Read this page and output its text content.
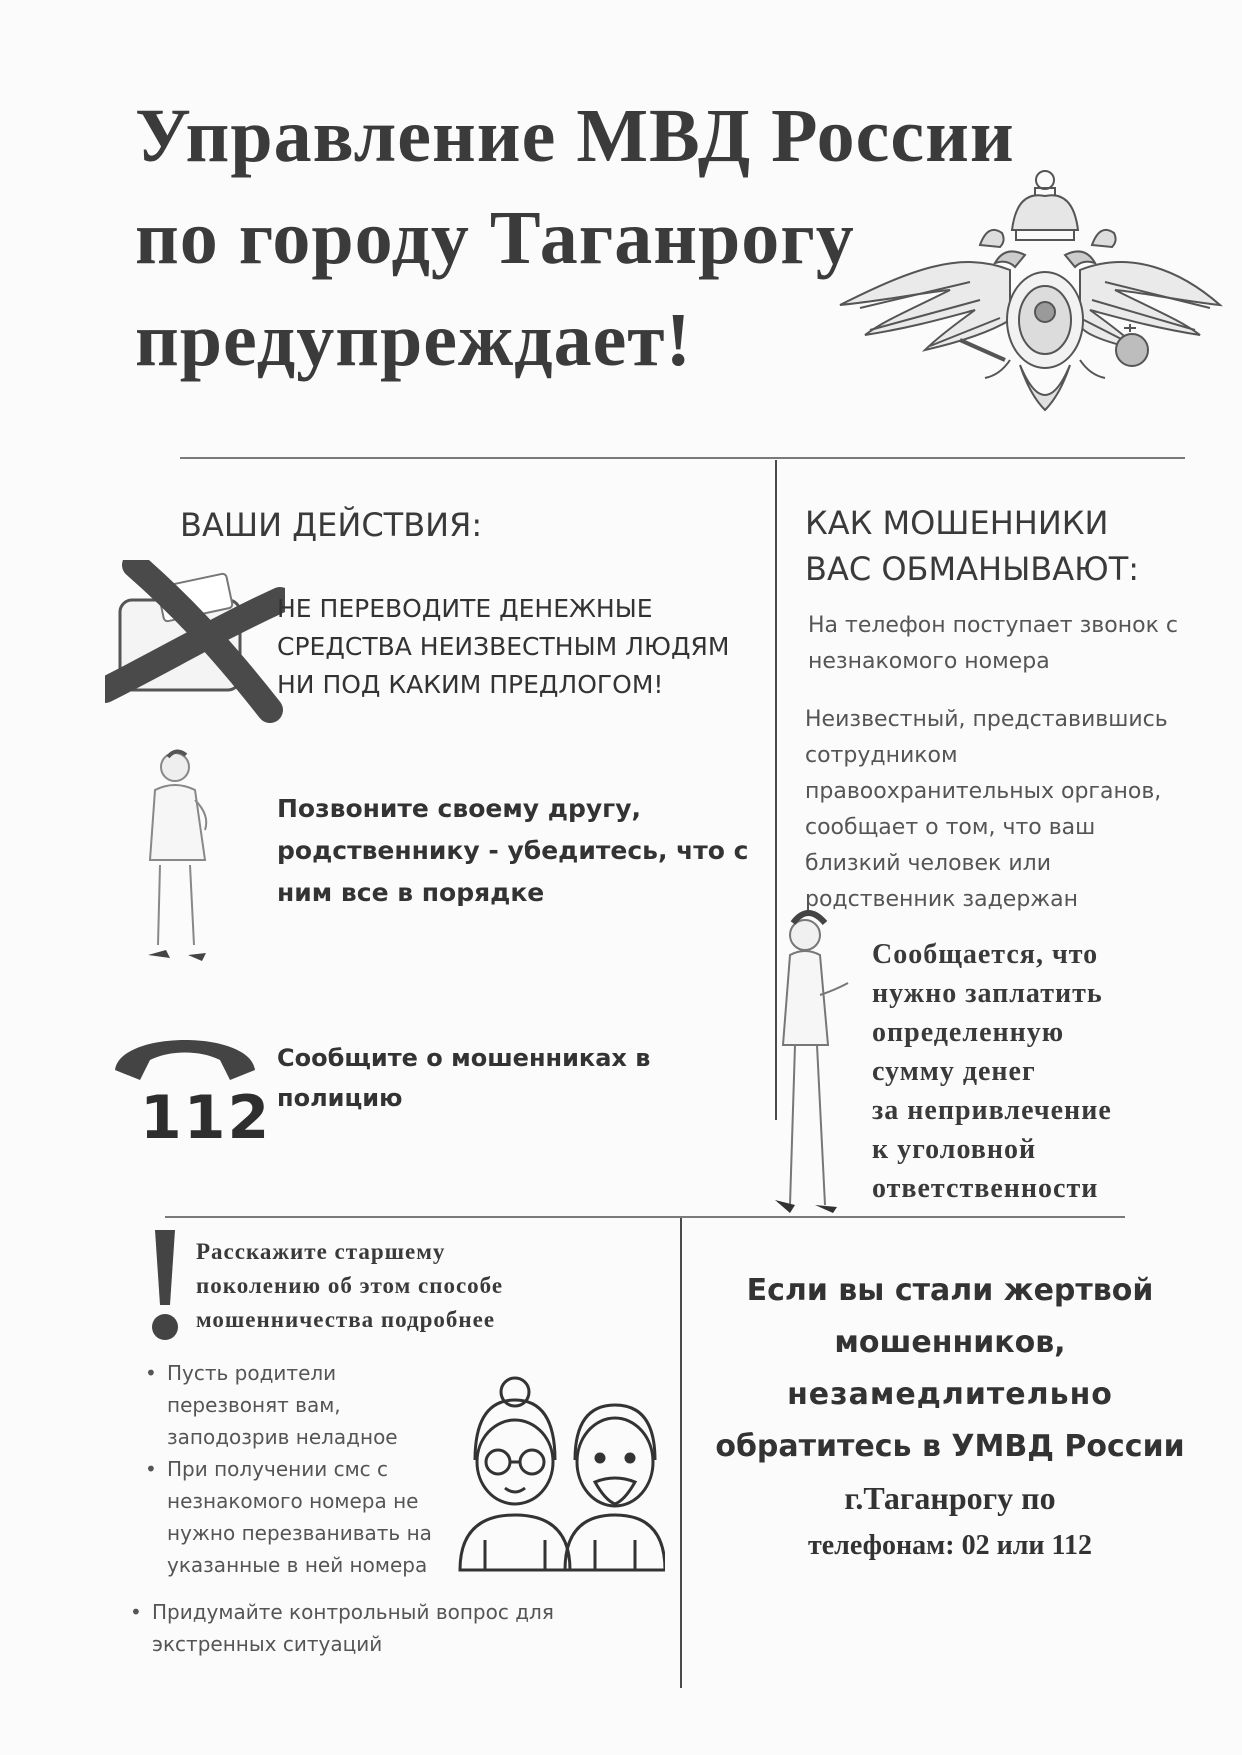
Управление МВД России
по городу Таганрогу
предупреждает!
ВАШИ ДЕЙСТВИЯ:
НЕ ПЕРЕВОДИТЕ ДЕНЕЖНЫЕ
СРЕДСТВА НЕИЗВЕСТНЫМ ЛЮДЯМ
НИ ПОД КАКИМ ПРЕДЛОГОМ!
Позвоните своему другу,
родственнику - убедитесь, что с
ним все в порядке
112
Сообщите о мошенниках в
полицию
КАК МОШЕННИКИ
ВАС ОБМАНЫВАЮТ:
На телефон поступает звонок с
незнакомого номера
Неизвестный, представившись
сотрудником
правоохранительных органов,
сообщает о том, что ваш
близкий человек или
родственник задержан
Сообщается, что
нужно заплатить
определенную
сумму денег
за непривлечение
к уголовной
ответственности
Расскажите старшему
поколению об этом способе
мошенничества подробнее
• Пусть родители
перезвонят вам,
заподозрив неладное
• При получении смс с
незнакомого номера не
нужно перезванивать на
указанные в ней номера
• Придумайте контрольный вопрос для
экстренных ситуаций
Если вы стали жертвой
мошенников,
незамедлительно
обратитесь в УМВД России
г.Таганрогу по
телефонам: 02 или 112
